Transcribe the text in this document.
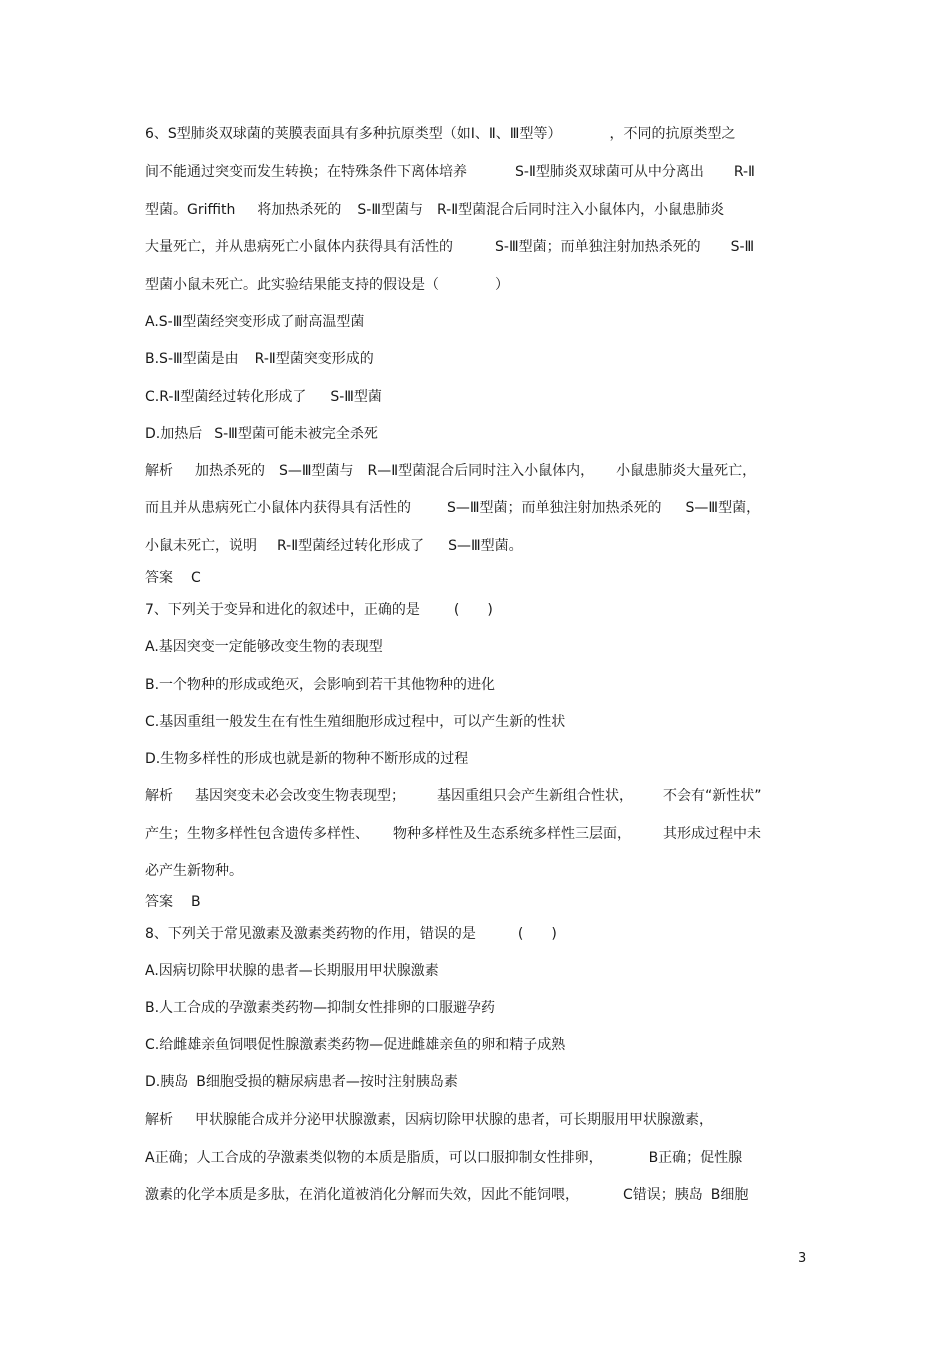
6、S型肺炎双球菌的荚膜表面具有多种抗原类型（如Ⅰ、Ⅱ、Ⅲ型等）	，不同的抗原类型之
间不能通过突变而发生转换；在特殊条件下离体培养	S-Ⅱ型肺炎双球菌可从中分离出 R-Ⅱ
型菌。Griffith 将加热杀死的 S-Ⅲ型菌与 R-Ⅱ型菌混合后同时注入小鼠体内，小鼠患肺炎
大量死亡，并从患病死亡小鼠体内获得具有活性的	S-Ⅲ型菌；而单独注射加热杀死的 S-Ⅲ
型菌小鼠未死亡。此实验结果能支持的假设是（　　　　）
A.S-Ⅲ型菌经突变形成了耐高温型菌
B.S-Ⅲ型菌是由 R-Ⅱ型菌突变形成的
C.R-Ⅱ型菌经过转化形成了 S-Ⅲ型菌
D.加热后 S-Ⅲ型菌可能未被完全杀死
解析 加热杀死的 S—Ⅲ型菌与 R—Ⅱ型菌混合后同时注入小鼠体内， 小鼠患肺炎大量死亡，
而且并从患病死亡小鼠体内获得具有活性的	S—Ⅲ型菌；而单独注射加热杀死的 S—Ⅲ型菌，
小鼠未死亡，说明 R-Ⅱ型菌经过转化形成了 S—Ⅲ型菌。
答案 C
7、下列关于变异和进化的叙述中，正确的是 (　　)
A.基因突变一定能够改变生物的表现型
B.一个物种的形成或绝灭，会影响到若干其他物种的进化
C.基因重组一般发生在有性生殖细胞形成过程中，可以产生新的性状
D.生物多样性的形成也就是新的物种不断形成的过程
解析 基因突变未必会改变生物表现型； 基因重组只会产生新组合性状， 不会有“新性状”
产生；生物多样性包含遗传多样性、 物种多样性及生态系统多样性三层面， 其形成过程中未
必产生新物种。
答案 B
8、下列关于常见激素及激素类药物的作用，错误的是	(　　)
A.因病切除甲状腺的患者—长期服用甲状腺激素
B.人工合成的孕激素类药物—抑制女性排卵的口服避孕药
C.给雌雄亲鱼饲喂促性腺激素类药物—促进雌雄亲鱼的卵和精子成熟
D.胰岛 B细胞受损的糖尿病患者—按时注射胰岛素
解析 甲状腺能合成并分泌甲状腺激素，因病切除甲状腺的患者，可长期服用甲状腺激素，
A正确；人工合成的孕激素类似物的本质是脂质，可以口服抑制女性排卵，	B正确；促性腺
激素的化学本质是多肽，在消化道被消化分解而失效，因此不能饲喂，	C错误；胰岛 B细胞
3
